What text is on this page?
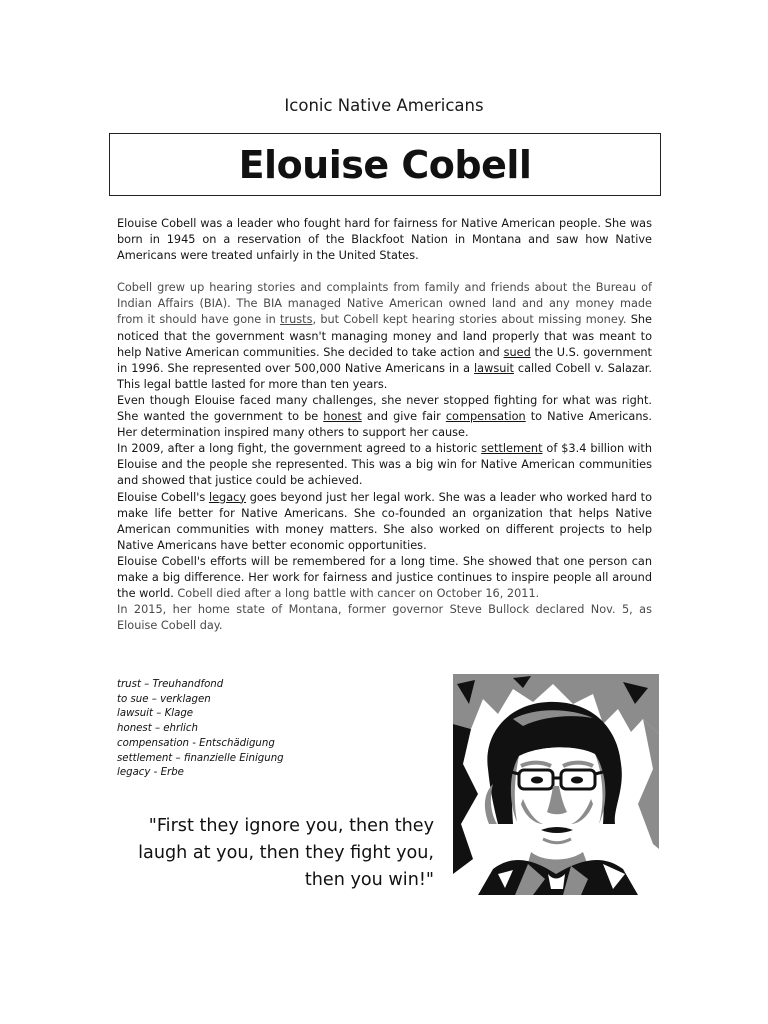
Iconic Native Americans
Elouise Cobell

Elouise Cobell was a leader who fought hard for fairness for Native American people. She was born in 1945 on a reservation of the Blackfoot Nation in Montana and saw how Native Americans were treated unfairly in the United States.

Cobell grew up hearing stories and complaints from family and friends about the Bureau of Indian Affairs (BIA). The BIA managed Native American owned land and any money made from it should have gone in trusts, but Cobell kept hearing stories about missing money. She noticed that the government wasn't managing money and land properly that was meant to help Native American communities. She decided to take action and sued the U.S. government in 1996. She represented over 500,000 Native Americans in a lawsuit called Cobell v. Salazar. This legal battle lasted for more than ten years.

Even though Elouise faced many challenges, she never stopped fighting for what was right. She wanted the government to be honest and give fair compensation to Native Americans. Her determination inspired many others to support her cause.

In 2009, after a long fight, the government agreed to a historic settlement of $3.4 billion with Elouise and the people she represented. This was a big win for Native American communities and showed that justice could be achieved.

Elouise Cobell's legacy goes beyond just her legal work. She was a leader who worked hard to make life better for Native Americans. She co-founded an organization that helps Native American communities with money matters. She also worked on different projects to help Native Americans have better economic opportunities.

Elouise Cobell's efforts will be remembered for a long time. She showed that one person can make a big difference. Her work for fairness and justice continues to inspire people all around the world. Cobell died after a long battle with cancer on October 16, 2011.

In 2015, her home state of Montana, former governor Steve Bullock declared Nov. 5, as Elouise Cobell day.

trust – Treuhandfond
to sue – verklagen
lawsuit – Klage
honest – ehrlich
compensation - Entschädigung
settlement – finanzielle Einigung
legacy - Erbe
"First they ignore you, then they laugh at you, then they fight you, then you win!"
